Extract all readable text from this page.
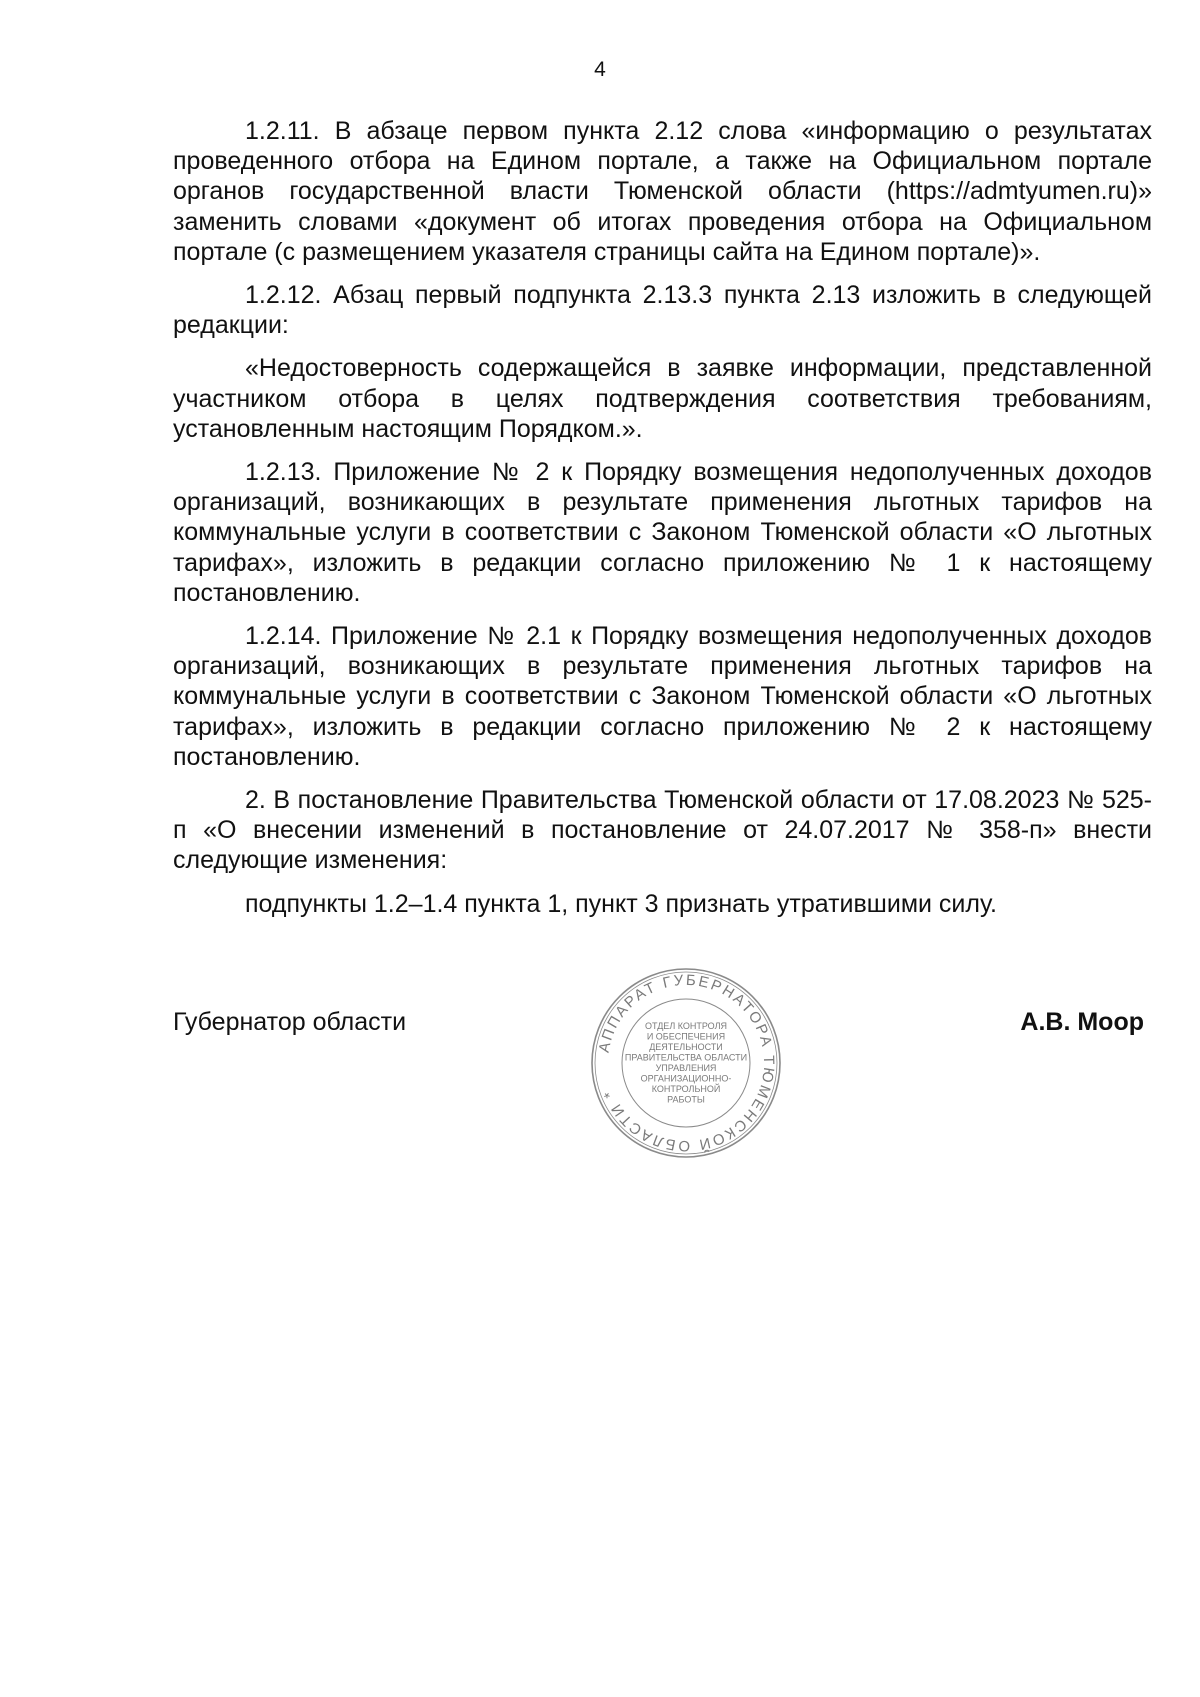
4

1.2.11. В абзаце первом пункта 2.12 слова «информацию о результатах проведенного отбора на Едином портале, а также на Официальном портале органов государственной власти Тюменской области (https://admtyumen.ru)» заменить словами «документ об итогах проведения отбора на Официальном портале (с размещением указателя страницы сайта на Едином портале)».

1.2.12. Абзац первый подпункта 2.13.3 пункта 2.13 изложить в следующей редакции:

«Недостоверность содержащейся в заявке информации, представленной участником отбора в целях подтверждения соответствия требованиям, установленным настоящим Порядком.».

1.2.13. Приложение № 2 к Порядку возмещения недополученных доходов организаций, возникающих в результате применения льготных тарифов на коммунальные услуги в соответствии с Законом Тюменской области «О льготных тарифах», изложить в редакции согласно приложению № 1 к настоящему постановлению.

1.2.14. Приложение № 2.1 к Порядку возмещения недополученных доходов организаций, возникающих в результате применения льготных тарифов на коммунальные услуги в соответствии с Законом Тюменской области «О льготных тарифах», изложить в редакции согласно приложению № 2 к настоящему постановлению.

2. В постановление Правительства Тюменской области от 17.08.2023 № 525-п «О внесении изменений в постановление от 24.07.2017 № 358-п» внести следующие изменения:

подпункты 1.2–1.4 пункта 1, пункт 3 признать утратившими силу.

Губернатор области	А.В. Моор
АППАРАТ ГУБЕРНАТОРА ТЮМЕНСКОЙ ОБЛАСТИ *
ОТДЕЛ КОНТРОЛЯ
И ОБЕСПЕЧЕНИЯ
ДЕЯТЕЛЬНОСТИ
ПРАВИТЕЛЬСТВА ОБЛАСТИ
УПРАВЛЕНИЯ
ОРГАНИЗАЦИОННО-
КОНТРОЛЬНОЙ
РАБОТЫ
